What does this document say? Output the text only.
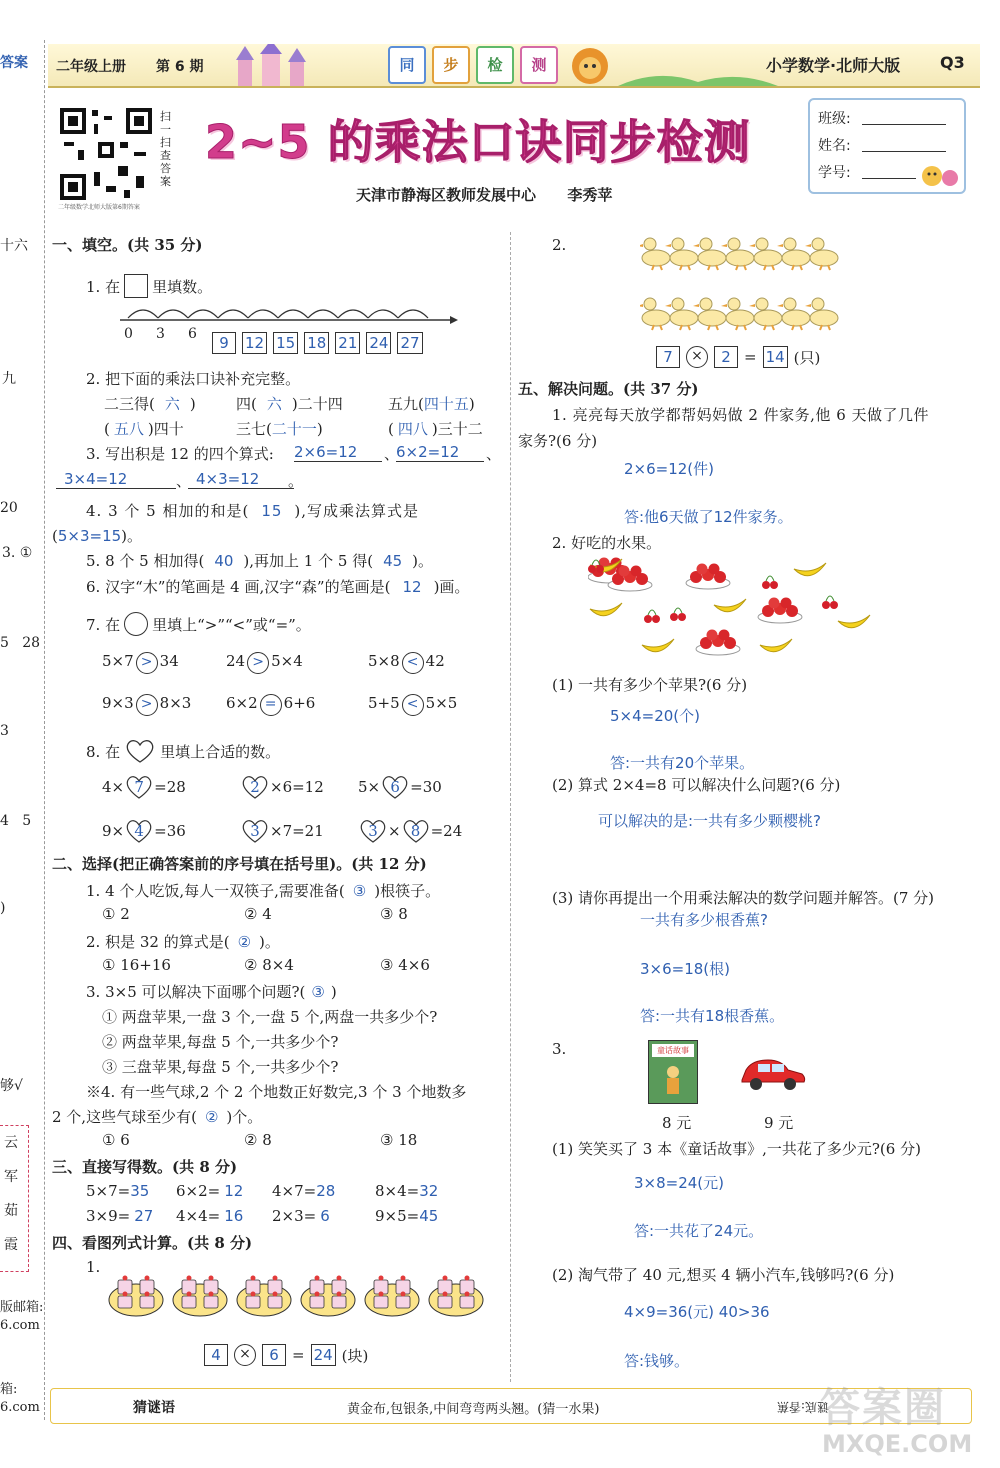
答案
十六
九
20
3. ①
5   28
3
4   5
)
够√
云
军
茹
霞
版邮箱:
6.com
箱:
6.com
二年级上册 第 6 期	同	步	检	测	小学数学·北师大版 Q3
扫一扫 查答案
二年级数学北师大版第6期答案
2~5 的乘法口诀同步检测
天津市静海区教师发展中心      李秀苹
班级:
姓名:
学号:
一、填空。(共 35 分)
1. 在 里填数。
0 3 6	9	12 15 18 21 24 27
2. 把下面的乘法口诀补充完整。
二三得( 六 )	四( 六 )二十四	五九(四十五)
( 五八 )四十	三七(二十一)	( 四八 )三十二
3. 写出积是 12 的四个算式: 2×6=12	、
6×2=12	、
3×4=12	、 4×3=12	。
4. 3 个 5 相加的和是( 15 ),写成乘法算式是
(5×3=15)。
5. 8 个 5 相加得( 40 ),再加上 1 个 5 得( 45 )。
6. 汉字“木”的笔画是 4 画,汉字“森”的笔画是( 12 )画。
7. 在 里填上“>”“<”或“=”。
5×7 > 34	24 > 5×4	5×8 < 42
9×3 > 8×3 6×2 = 6+6	5+5 < 5×5
8. 在	里填上合适的数。
4× 7 =28	2 ×6=12 5× 6 =30
9× 4 =36	3 ×7=21	3 × 8 =24
二、选择(把正确答案前的序号填在括号里)。(共 12 分)
1. 4 个人吃饭,每人一双筷子,需要准备( ③ )根筷子。
① 2	② 4	③ 8
2. 积是 32 的算式是( ② )。
① 16+16	② 8×4	③ 4×6
3. 3×5 可以解决下面哪个问题?( ③ )
① 两盘苹果,一盘 3 个,一盘 5 个,两盘一共多少个?
② 两盘苹果,每盘 5 个,一共多少个?
③ 三盘苹果,每盘 5 个,一共多少个?
※4. 有一些气球,2 个 2 个地数正好数完,3 个 3 个地数多
2 个,这些气球至少有( ② )个。
① 6	② 8	③ 18
三、直接写得数。(共 8 分)
5×7=35 6×2= 12 4×7=28	8×4=32
3×9= 27 4×4= 16 2×3= 6	9×5=45
四、看图列式计算。(共 8 分)
1.
4	×	6 = 24 (块)
2.
7	×	2 = 14 (只)
五、解决问题。(共 37 分)
1. 亮亮每天放学都帮妈妈做 2 件家务,他 6 天做了几件
家务?(6 分)
2×6=12(件)
答:他6天做了12件家务。
2. 好吃的水果。
(1) 一共有多少个苹果?(6 分)
5×4=20(个)
答:一共有20个苹果。
(2) 算式 2×4=8 可以解决什么问题?(6 分)
可以解决的是:一共有多少颗樱桃?
(3) 请你再提出一个用乘法解决的数学问题并解答。(7 分)
一共有多少根香蕉?
3×6=18(根)
答:一共有18根香蕉。
3.	童话故事
8 元	9 元
(1) 笑笑买了 3 本《童话故事》,一共花了多少元?(6 分)
3×8=24(元)
答:一共花了24元。
(2) 淘气带了 40 元,想买 4 辆小汽车,钱够吗?(6 分)
4×9=36(元) 40>36
答:钱够。
猜谜语	黄金布,包银条,中间弯弯两头翘。(猜一水果)	谜底:香蕉
答案圈
MXQE.COM
